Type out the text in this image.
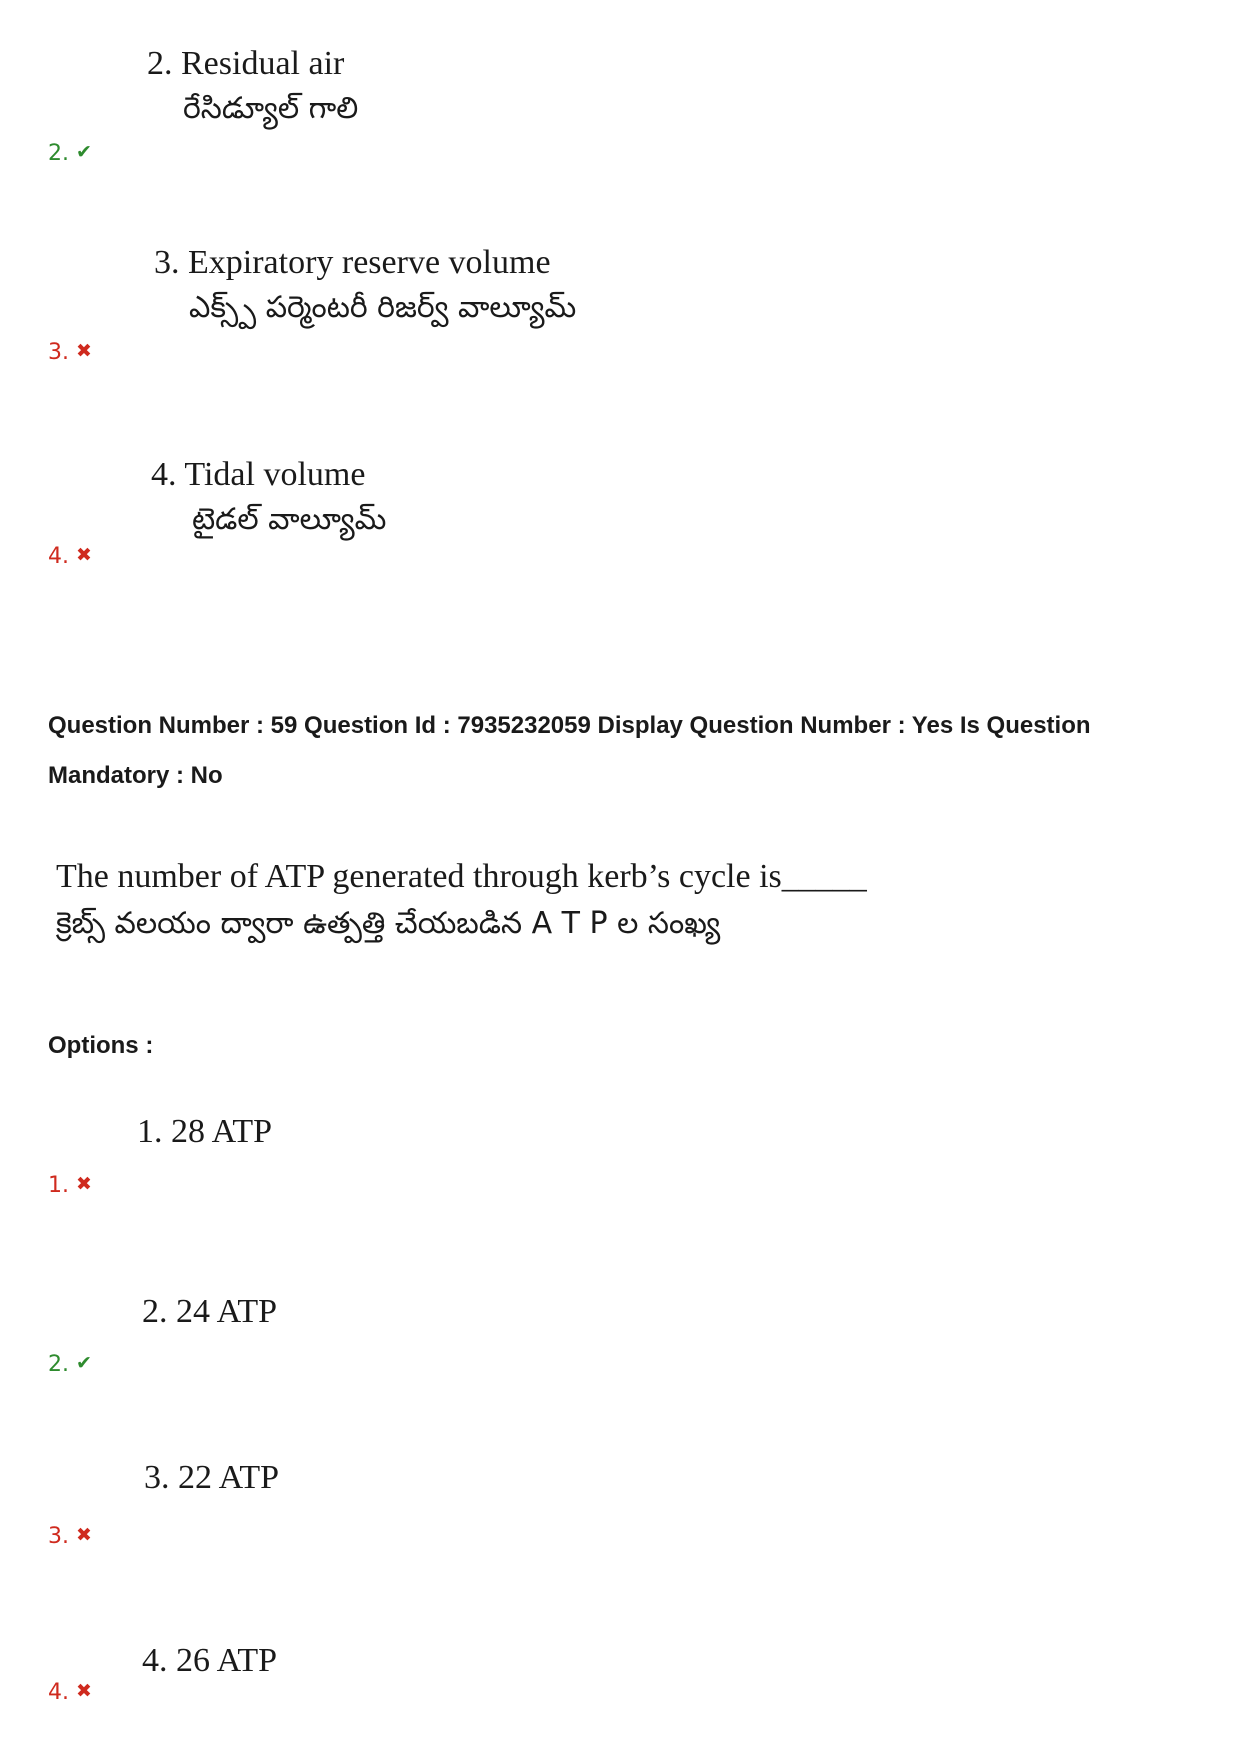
2. Residual air
రేసిడ్యూల్ గాలి
2. ✔
3. Expiratory reserve volume
ఎక్స్ప్ పర్మెంటరీ రిజర్వ్ వాల్యూమ్
3. ✖
4. Tidal volume
టైడల్ వాల్యూమ్
4. ✖
Question Number : 59 Question Id : 7935232059 Display Question Number : Yes Is Question Mandatory : No
The number of ATP generated through kerb’s cycle is_____
క్రెబ్స్ వలయం ద్వారా ఉత్పత్తి చేయబడిన A T P ల సంఖ్య
Options :
1. 28 ATP
1. ✖
2. 24 ATP
2. ✔
3. 22 ATP
3. ✖
4. 26 ATP
4. ✖
